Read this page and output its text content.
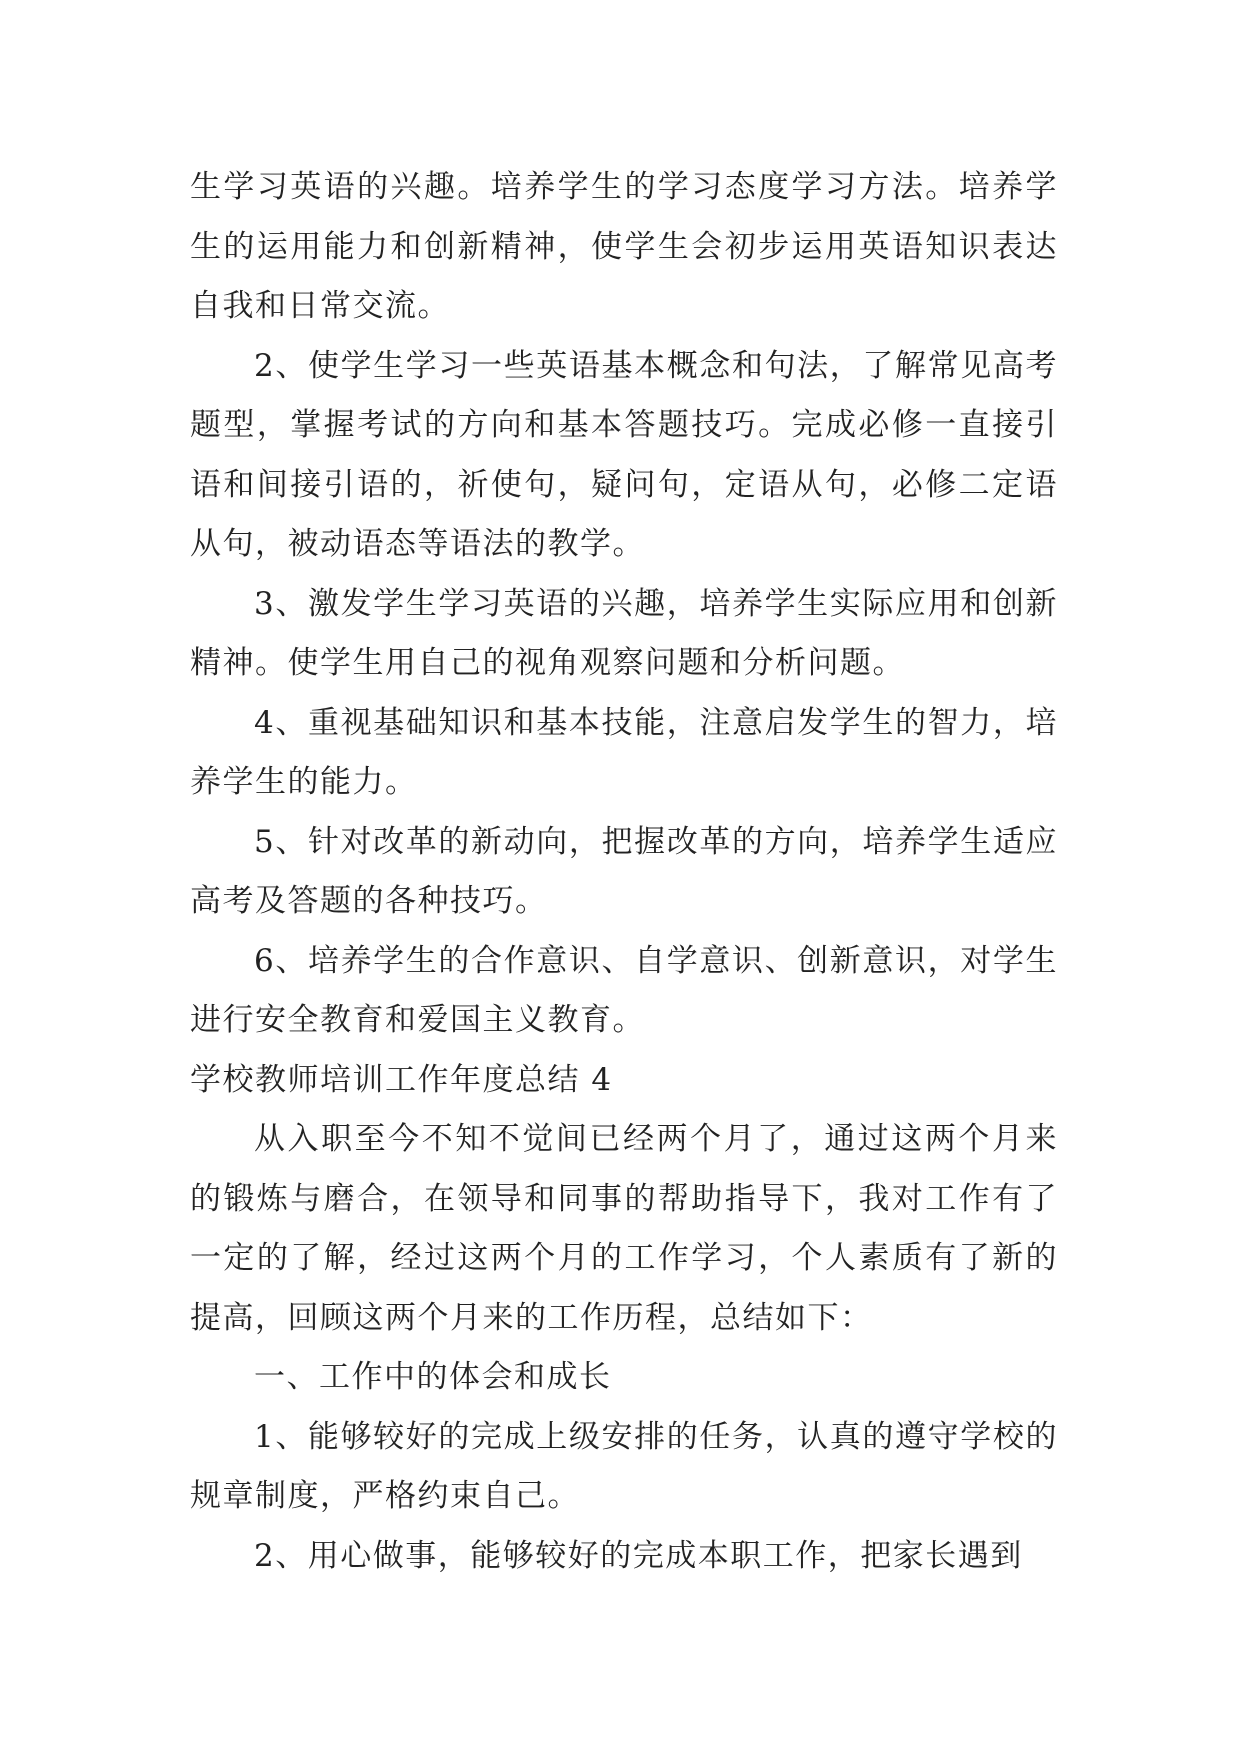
生学习英语的兴趣。培养学生的学习态度学习方法。培养学生的运用能力和创新精神，使学生会初步运用英语知识表达自我和日常交流。

2、使学生学习一些英语基本概念和句法，了解常见高考题型，掌握考试的方向和基本答题技巧。完成必修一直接引语和间接引语的，祈使句，疑问句，定语从句，必修二定语从句，被动语态等语法的教学。

3、激发学生学习英语的兴趣，培养学生实际应用和创新精神。使学生用自己的视角观察问题和分析问题。

4、重视基础知识和基本技能，注意启发学生的智力，培养学生的能力。

5、针对改革的新动向，把握改革的方向，培养学生适应高考及答题的各种技巧。

6、培养学生的合作意识、自学意识、创新意识，对学生进行安全教育和爱国主义教育。

学校教师培训工作年度总结 4

从入职至今不知不觉间已经两个月了，通过这两个月来的锻炼与磨合，在领导和同事的帮助指导下，我对工作有了一定的了解，经过这两个月的工作学习，个人素质有了新的提高，回顾这两个月来的工作历程，总结如下：

一、工作中的体会和成长

1、能够较好的完成上级安排的任务，认真的遵守学校的规章制度，严格约束自己。

2、用心做事，能够较好的完成本职工作，把家长遇到
